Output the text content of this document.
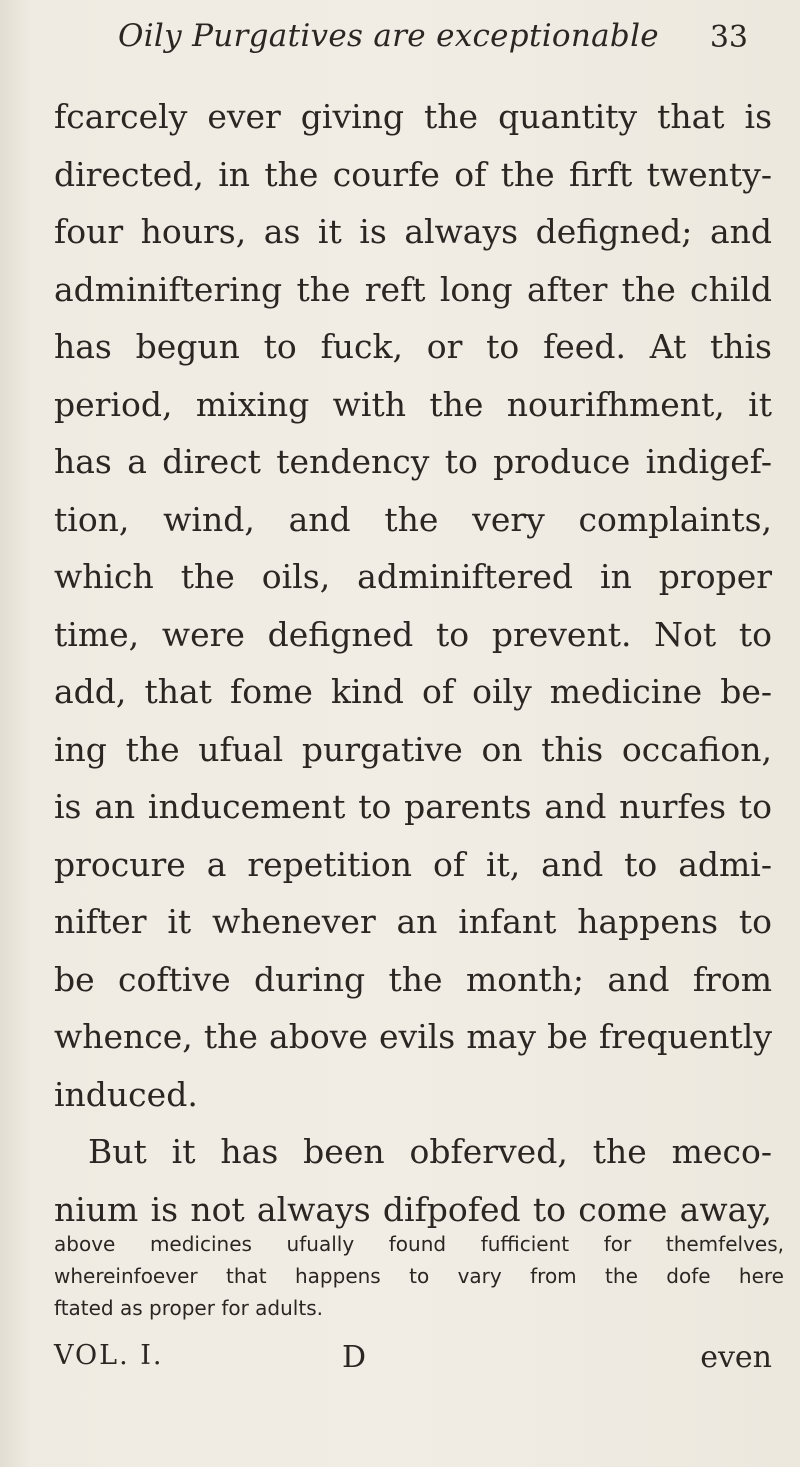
Oily Purgatives are exceptionable 33
fcarcely ever giving the quantity that is
directed, in the courfe of the firft twenty-
four hours, as it is always defigned; and
adminiftering the reft long after the child
has begun to fuck, or to feed. At this
period, mixing with the nourifhment, it
has a direct tendency to produce indigef-
tion, wind, and the very complaints,
which the oils, adminiftered in proper
time, were defigned to prevent. Not to
add, that fome kind of oily medicine be-
ing the ufual purgative on this occafion,
is an inducement to parents and nurfes to
procure a repetition of it, and to admi-
nifter it whenever an infant happens to
be coftive during the month; and from
whence, the above evils may be frequently
induced.
But it has been obferved, the meco-
nium is not always difpofed to come away,
above medicines ufually found fufficient for themfelves,
whereinfoever that happens to vary from the dofe here
ftated as proper for adults.
VOL. I.	D	even
